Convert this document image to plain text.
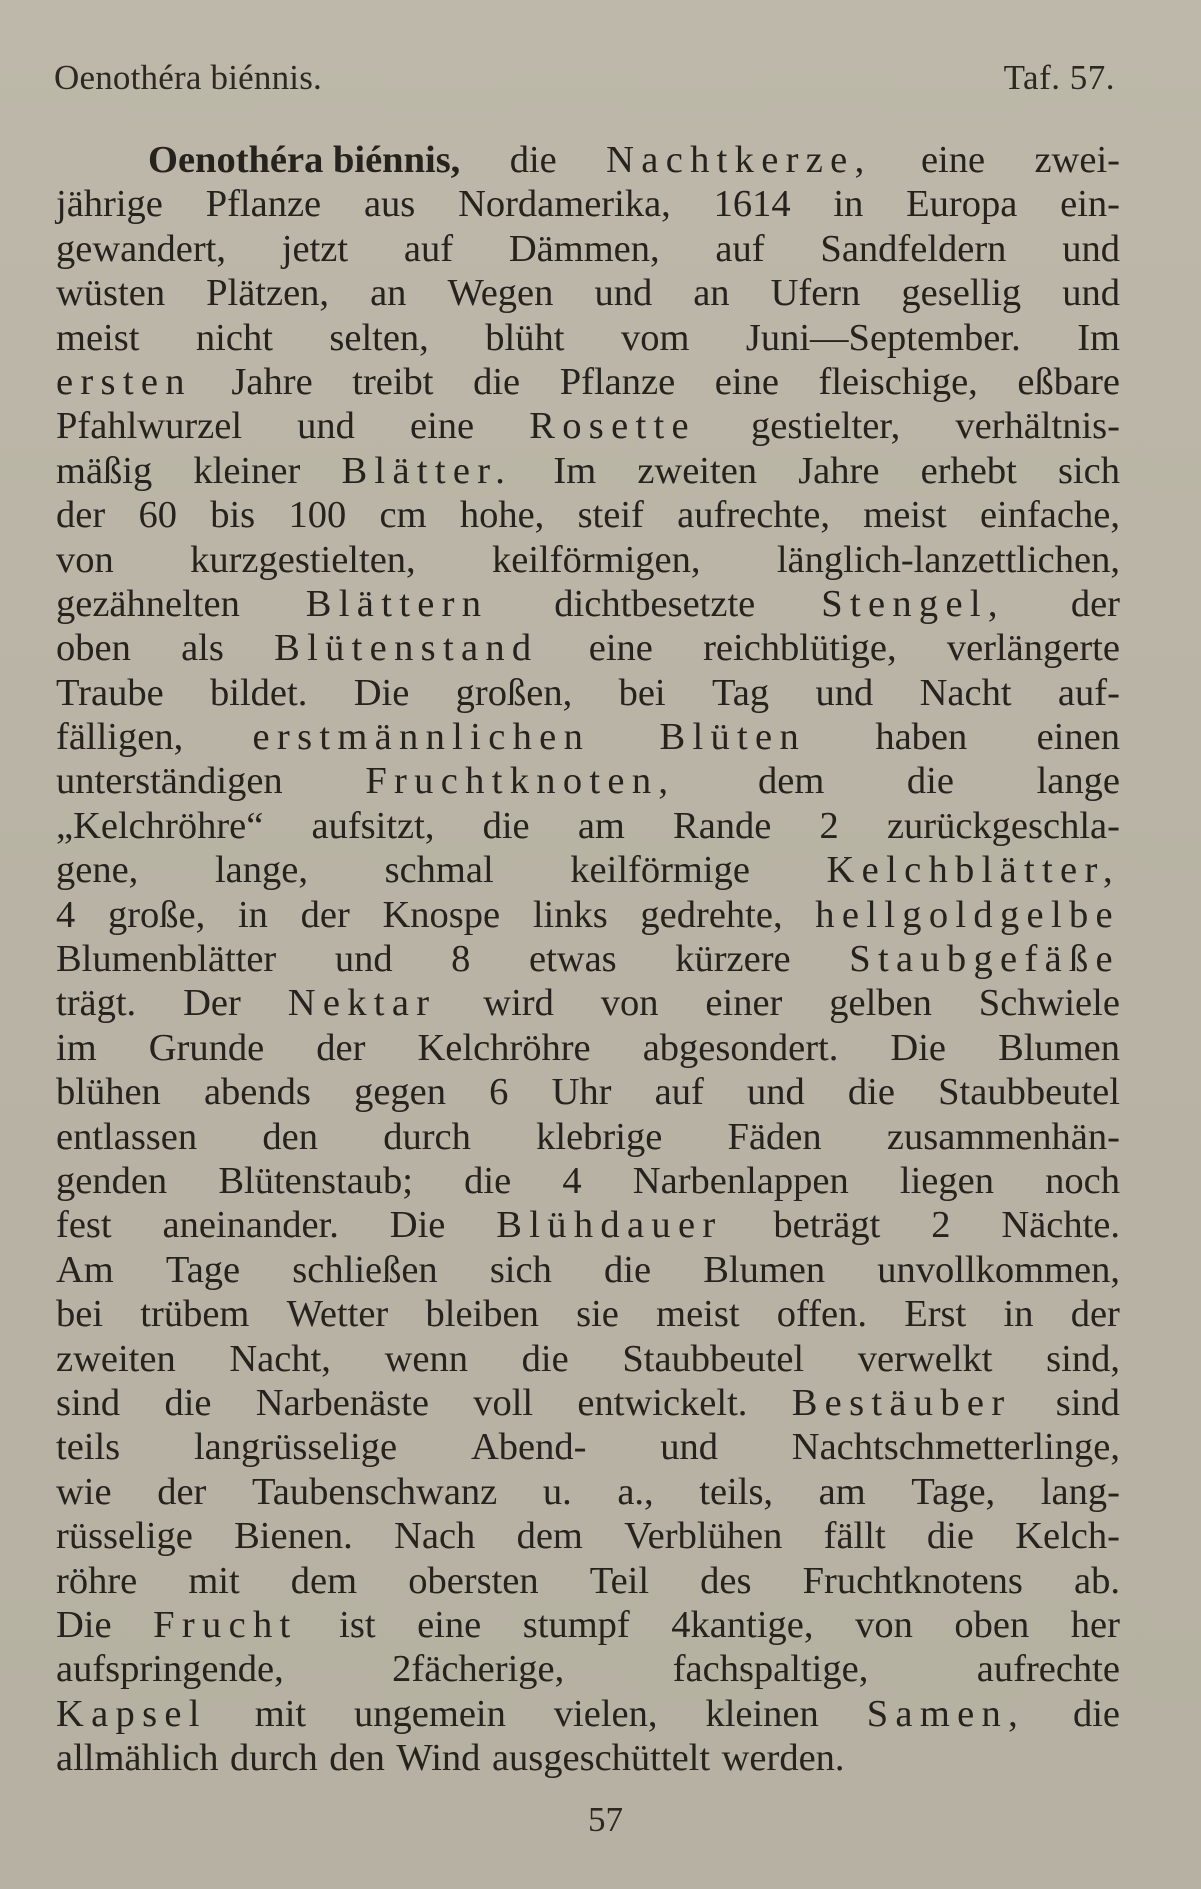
Oenothéra biénnis.	Taf. 57.
Oenothéra biénnis, die Nachtkerze, eine zwei-
jährige Pflanze aus Nordamerika, 1614 in Europa ein-
gewandert, jetzt auf Dämmen, auf Sandfeldern und
wüsten Plätzen, an Wegen und an Ufern gesellig und
meist nicht selten, blüht vom Juni—September. Im
ersten Jahre treibt die Pflanze eine fleischige, eßbare
Pfahlwurzel und eine Rosette gestielter, verhältnis-
mäßig kleiner Blätter. Im zweiten Jahre erhebt sich
der 60 bis 100 cm hohe, steif aufrechte, meist einfache,
von kurzgestielten, keilförmigen, länglich-lanzettlichen,
gezähnelten Blättern dichtbesetzte Stengel, der
oben als Blütenstand eine reichblütige, verlängerte
Traube bildet. Die großen, bei Tag und Nacht auf-
fälligen, erstmännlichen Blüten haben einen
unterständigen Fruchtknoten, dem die lange
„Kelchröhre“ aufsitzt, die am Rande 2 zurückgeschla-
gene, lange, schmal keilförmige Kelchblätter,
4 große, in der Knospe links gedrehte, hellgoldgelbe
Blumenblätter und 8 etwas kürzere Staubgefäße
trägt. Der Nektar wird von einer gelben Schwiele
im Grunde der Kelchröhre abgesondert. Die Blumen
blühen abends gegen 6 Uhr auf und die Staubbeutel
entlassen den durch klebrige Fäden zusammenhän-
genden Blütenstaub; die 4 Narbenlappen liegen noch
fest aneinander. Die Blühdauer beträgt 2 Nächte.
Am Tage schließen sich die Blumen unvollkommen,
bei trübem Wetter bleiben sie meist offen. Erst in der
zweiten Nacht, wenn die Staubbeutel verwelkt sind,
sind die Narbenäste voll entwickelt. Bestäuber sind
teils langrüsselige Abend- und Nachtschmetterlinge,
wie der Taubenschwanz u. a., teils, am Tage, lang-
rüsselige Bienen. Nach dem Verblühen fällt die Kelch-
röhre mit dem obersten Teil des Fruchtknotens ab.
Die Frucht ist eine stumpf 4kantige, von oben her
aufspringende,	2fächerige,	fachspaltige,	aufrechte
Kapsel mit ungemein vielen, kleinen Samen, die
allmählich durch den Wind ausgeschüttelt werden.
57
